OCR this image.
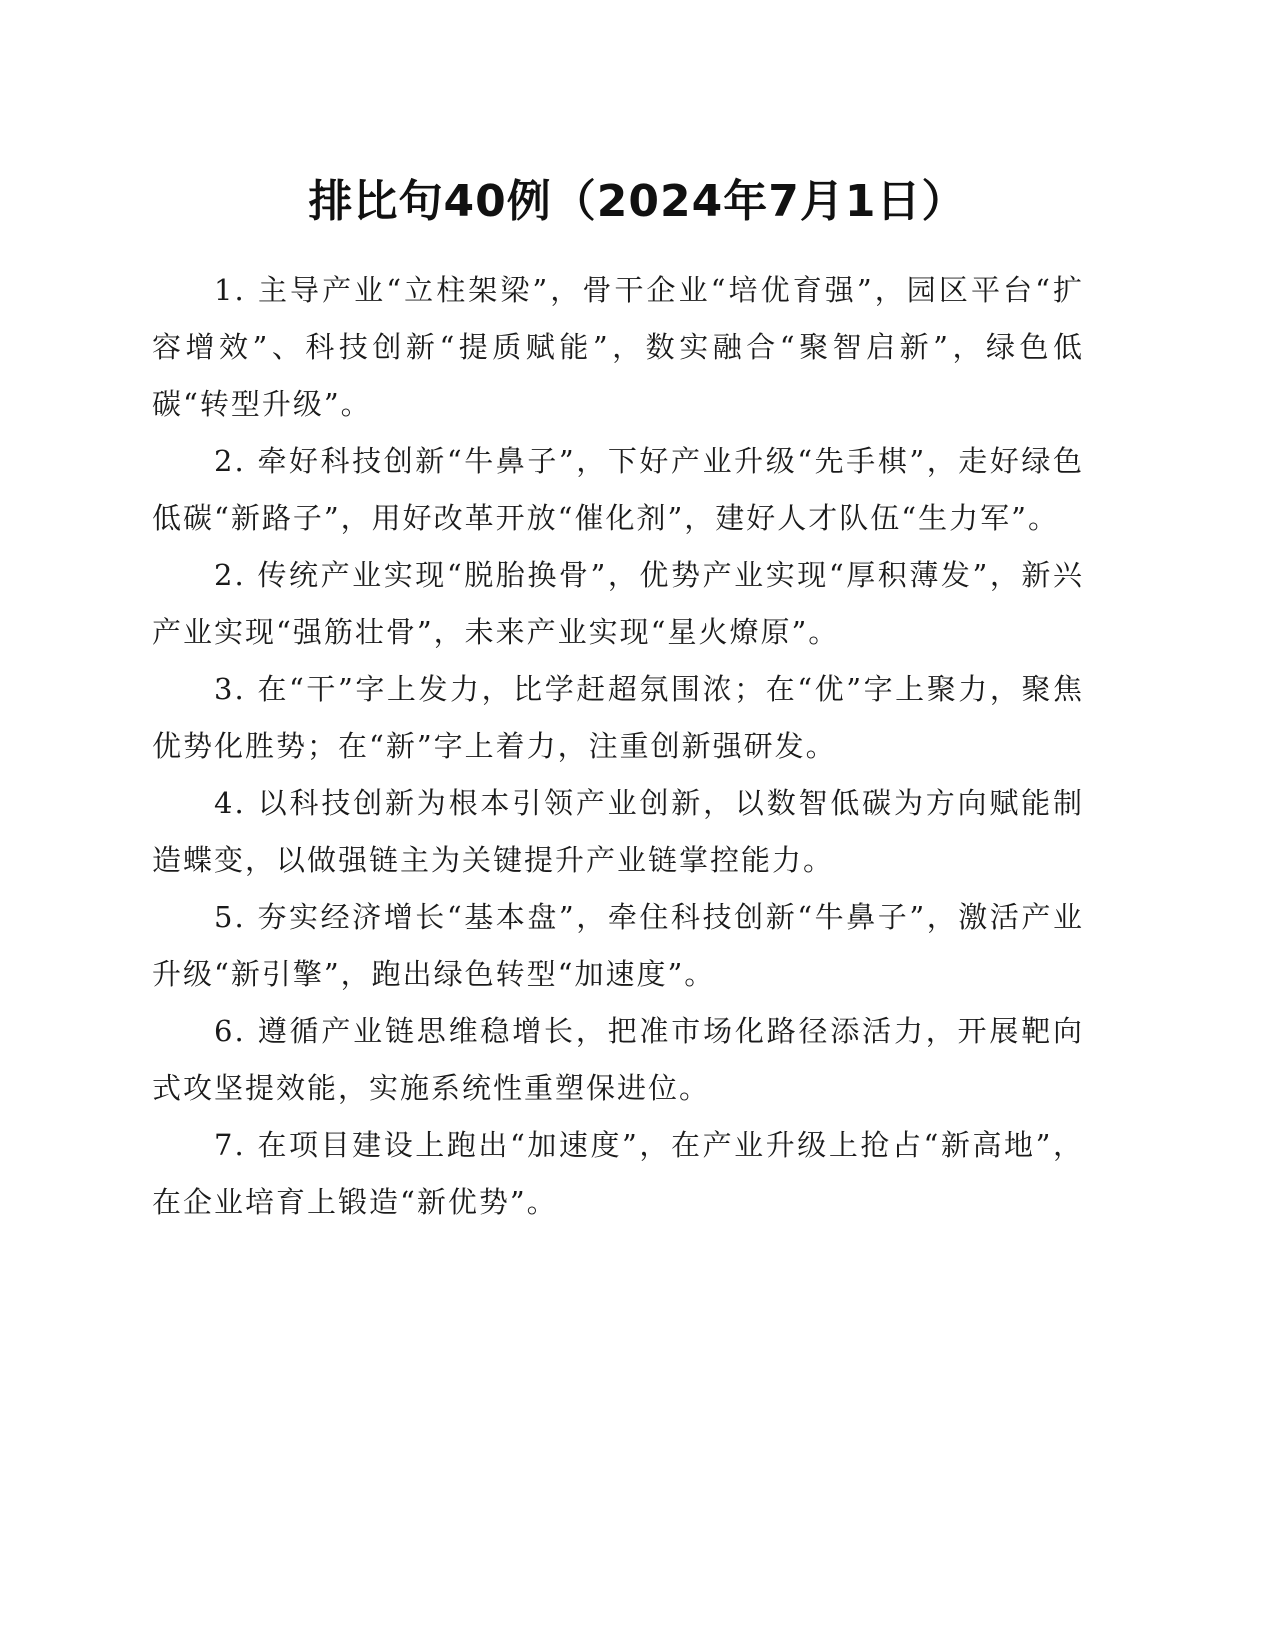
排比句40例（2024年7月1日）

1. 主导产业“立柱架梁”，骨干企业“培优育强”，园区平台“扩容增效”、科技创新“提质赋能”，数实融合“聚智启新”，绿色低碳“转型升级”。

2. 牵好科技创新“牛鼻子”，下好产业升级“先手棋”，走好绿色低碳“新路子”，用好改革开放“催化剂”，建好人才队伍“生力军”。

2. 传统产业实现“脱胎换骨”，优势产业实现“厚积薄发”，新兴产业实现“强筋壮骨”，未来产业实现“星火燎原”。

3. 在“干”字上发力，比学赶超氛围浓；在“优”字上聚力，聚焦优势化胜势；在“新”字上着力，注重创新强研发。

4. 以科技创新为根本引领产业创新，以数智低碳为方向赋能制造蝶变，以做强链主为关键提升产业链掌控能力。

5. 夯实经济增长“基本盘”，牵住科技创新“牛鼻子”，激活产业升级“新引擎”，跑出绿色转型“加速度”。

6. 遵循产业链思维稳增长，把准市场化路径添活力，开展靶向式攻坚提效能，实施系统性重塑保进位。

7. 在项目建设上跑出“加速度”，在产业升级上抢占“新高地”，在企业培育上锻造“新优势”。
